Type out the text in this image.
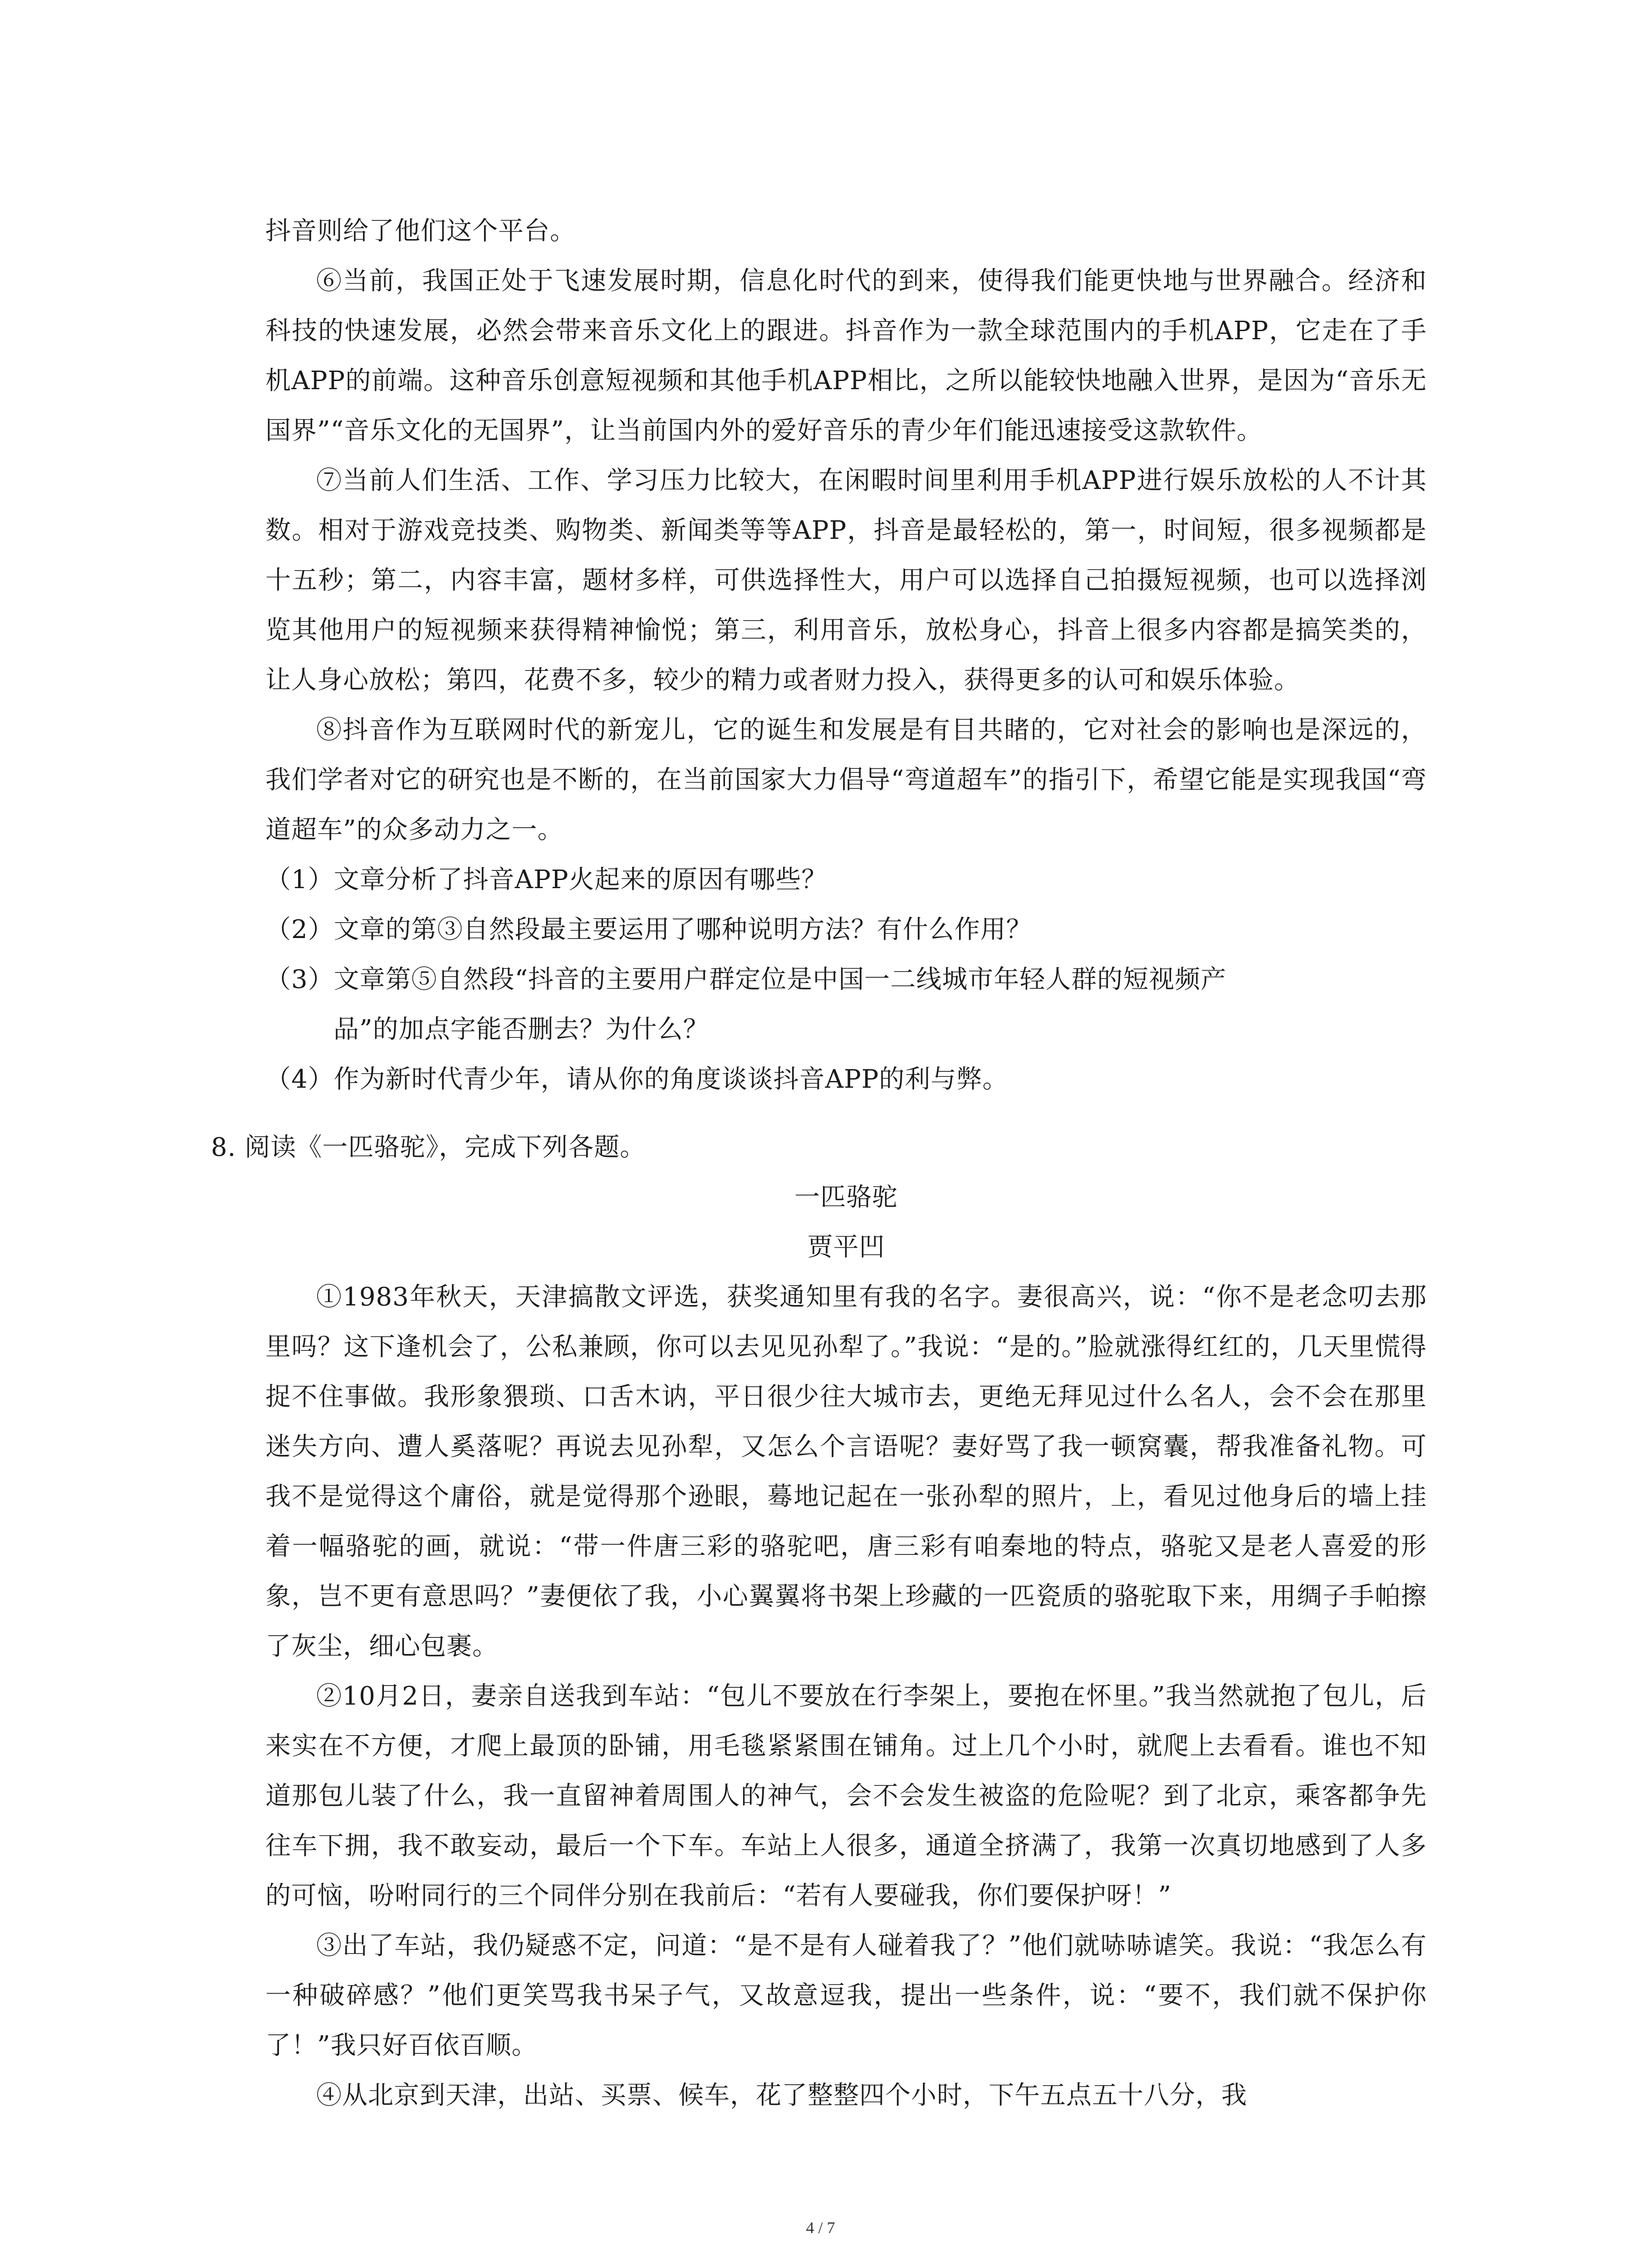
抖音则给了他们这个平台。

⑥当前，我国正处于飞速发展时期，信息化时代的到来，使得我们能更快地与世界融合。经济和科技的快速发展，必然会带来音乐文化上的跟进。抖音作为一款全球范围内的手机APP，它走在了手机APP的前端。这种音乐创意短视频和其他手机APP相比，之所以能较快地融入世界，是因为“音乐无国界”“音乐文化的无国界”，让当前国内外的爱好音乐的青少年们能迅速接受这款软件。

⑦当前人们生活、工作、学习压力比较大，在闲暇时间里利用手机APP进行娱乐放松的人不计其数。相对于游戏竞技类、购物类、新闻类等等APP，抖音是最轻松的，第一，时间短，很多视频都是十五秒；第二，内容丰富，题材多样，可供选择性大，用户可以选择自己拍摄短视频，也可以选择浏览其他用户的短视频来获得精神愉悦；第三，利用音乐，放松身心，抖音上很多内容都是搞笑类的，让人身心放松；第四，花费不多，较少的精力或者财力投入，获得更多的认可和娱乐体验。

⑧抖音作为互联网时代的新宠儿，它的诞生和发展是有目共睹的，它对社会的影响也是深远的，我们学者对它的研究也是不断的，在当前国家大力倡导“弯道超车”的指引下，希望它能是实现我国“弯道超车”的众多动力之一。

（1）文章分析了抖音APP火起来的原因有哪些？

（2）文章的第③自然段最主要运用了哪种说明方法？有什么作用？

（3）文章第⑤自然段“抖音的主要用户群定位是中国一二线城市年轻人群的短视频产

品”的加点字能否删去？为什么？

（4）作为新时代青少年，请从你的角度谈谈抖音APP的利与弊。

8. 阅读《一匹骆驼》，完成下列各题。

一匹骆驼

贾平凹

①1983年秋天，天津搞散文评选，获奖通知里有我的名字。妻很高兴，说：“你不是老念叨去那里吗？这下逢机会了，公私兼顾，你可以去见见孙犁了。”我说：“是的。”脸就涨得红红的，几天里慌得捉不住事做。我形象猥琐、口舌木讷，平日很少往大城市去，更绝无拜见过什么名人，会不会在那里迷失方向、遭人奚落呢？再说去见孙犁，又怎么个言语呢？妻好骂了我一顿窝囊，帮我准备礼物。可我不是觉得这个庸俗，就是觉得那个逊眼，蓦地记起在一张孙犁的照片，上，看见过他身后的墙上挂着一幅骆驼的画，就说：“带一件唐三彩的骆驼吧，唐三彩有咱秦地的特点，骆驼又是老人喜爱的形象，岂不更有意思吗？”妻便依了我，小心翼翼将书架上珍藏的一匹瓷质的骆驼取下来，用绸子手帕擦了灰尘，细心包裹。

②10月2日，妻亲自送我到车站：“包儿不要放在行李架上，要抱在怀里。”我当然就抱了包儿，后来实在不方便，才爬上最顶的卧铺，用毛毯紧紧围在铺角。过上几个小时，就爬上去看看。谁也不知道那包儿装了什么，我一直留神着周围人的神气，会不会发生被盗的危险呢？到了北京，乘客都争先往车下拥，我不敢妄动，最后一个下车。车站上人很多，通道全挤满了，我第一次真切地感到了人多的可恼，吩咐同行的三个同伴分别在我前后：“若有人要碰我，你们要保护呀！”

③出了车站，我仍疑惑不定，问道：“是不是有人碰着我了？”他们就哧哧谑笑。我说：“我怎么有一种破碎感？”他们更笑骂我书呆子气，又故意逗我，提出一些条件，说：“要不，我们就不保护你了！”我只好百依百顺。

④从北京到天津，出站、买票、候车，花了整整四个小时，下午五点五十八分，我

4 / 7
